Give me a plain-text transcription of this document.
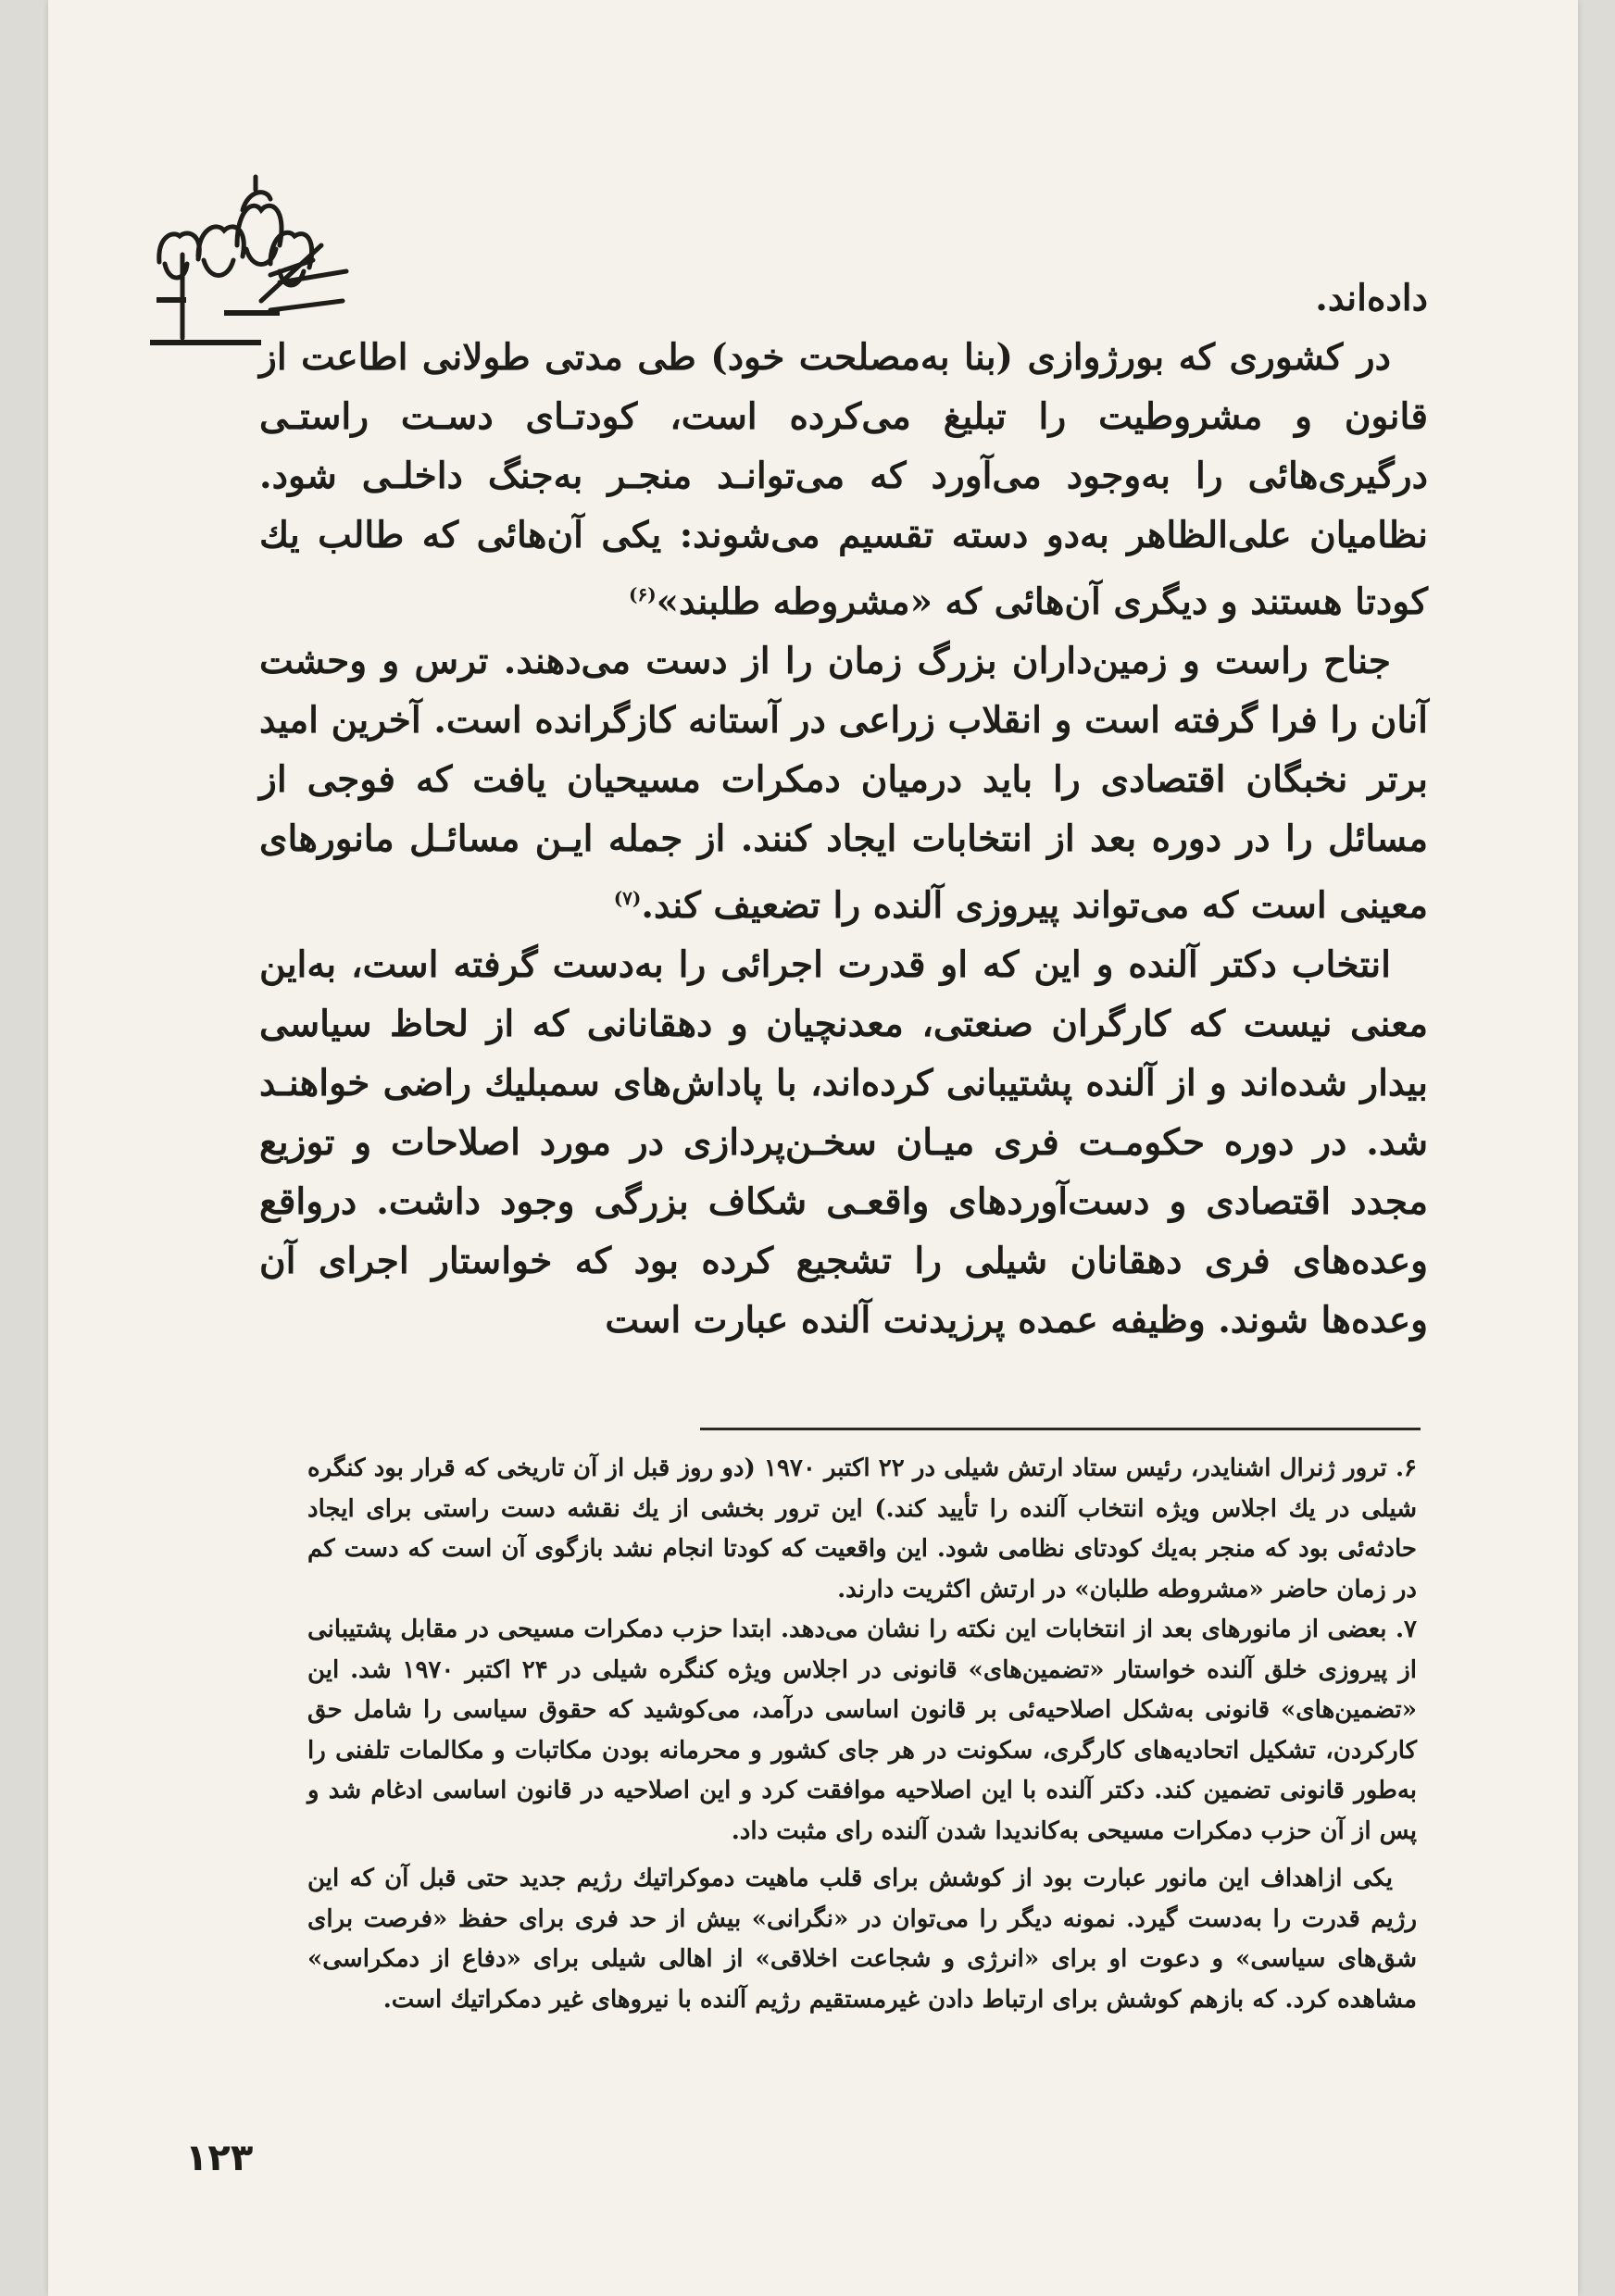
داده‌اند.

در کشوری که بورژوازی (بنا به‌مصلحت خود) طی مدتی طولانی اطاعت از قانون و مشروطیت را تبلیغ می‌کرده است، کودتـای دسـت راستـی درگیری‌هائی را به‌وجود می‌آورد که می‌توانـد منجـر به‌جنگ داخلـی شود. نظامیان علی‌الظاهر به‌دو دسته تقسیم می‌شوند: یکی آن‌هائی که طالب یك کودتا هستند و دیگری آن‌هائی که «مشروطه طلبند»$^{(۶)}$

جناح راست و زمین‌داران بزرگ زمان را از دست می‌دهند. ترس و وحشت آنان را فرا گرفته است و انقلاب زراعی در آستانه کازگرانده است. آخرین امید برتر نخبگان اقتصادی را باید درمیان دمکرات مسیحیان یافت که فوجی از مسائل را در دوره بعد از انتخابات ایجاد کنند. از جمله ایـن مسائـل مانورهای معینی است که می‌تواند پیروزی آلنده را تضعیف کند.$^{(۷)}$

انتخاب دکتر آلنده و این که او قدرت اجرائی را به‌دست گرفته است، به‌این معنی نیست که کارگران صنعتی، معدنچیان و دهقانانی که از لحاظ سیاسی بیدار شده‌اند و از آلنده پشتیبانی کرده‌اند، با پاداش‌های سمبلیك راضی خواهنـد شد. در دوره حکومـت فری میـان سخـن‌پردازی در مورد اصلاحات و توزیع مجدد اقتصادی و دست‌آوردهای واقعـی شکاف بزرگی وجود داشت. درواقع وعده‌های فری دهقانان شیلی را تشجیع کرده بود که خواستار اجرای آن وعده‌ها شوند. وظیفه عمده پرزیدنت آلنده عبارت است

۶. ترور ژنرال اشنایدر، رئیس ستاد ارتش شیلی در ۲۲ اکتبر ۱۹۷۰ (دو روز قبل از آن تاریخی که قرار بود کنگره شیلی در یك اجلاس ویژه انتخاب آلنده را تأیید کند.) این ترور بخشی از یك نقشه دست راستی برای ایجاد حادثه‌ئی بود که منجر به‌یك کودتای نظامی شود. این واقعیت که کودتا انجام نشد بازگوی آن است که دست کم در زمان حاضر «مشروطه طلبان» در ارتش اکثریت دارند.

۷. بعضی از مانورهای بعد از انتخابات این نکته را نشان می‌دهد. ابتدا حزب دمکرات مسیحی در مقابل پشتیبانی از پیروزی خلق آلنده خواستار «تضمین‌های» قانونی در اجلاس ویژه کنگره شیلی در ۲۴ اکتبر ۱۹۷۰ شد. این «تضمین‌های» قانونی به‌شکل اصلاحیه‌ئی بر قانون اساسی درآمد، می‌کوشید که حقوق سیاسی را شامل حق کارکردن، تشکیل اتحادیه‌های کارگری، سکونت در هر جای کشور و محرمانه بودن مکاتبات و مکالمات تلفنی را به‌طور قانونی تضمین کند. دکتر آلنده با این اصلاحیه موافقت کرد و این اصلاحیه در قانون اساسی ادغام شد و پس از آن حزب دمکرات مسیحی به‌کاندیدا شدن آلنده رای مثبت داد.

یکی ازاهداف این مانور عبارت بود از کوشش برای قلب ماهیت دموکراتیك رژیم جدید حتی قبل آن که این رژیم قدرت را به‌دست گیرد. نمونه دیگر را می‌توان در «نگرانی» بیش از حد فری برای حفظ «فرصت برای شق‌های سیاسی» و دعوت او برای «انرژی و شجاعت اخلاقی» از اهالی شیلی برای «دفاع از دمکراسی» مشاهده کرد. که بازهم کوشش برای ارتباط دادن غیرمستقیم رژیم آلنده با نیروهای غیر دمکراتیك است.

۱۲۳
